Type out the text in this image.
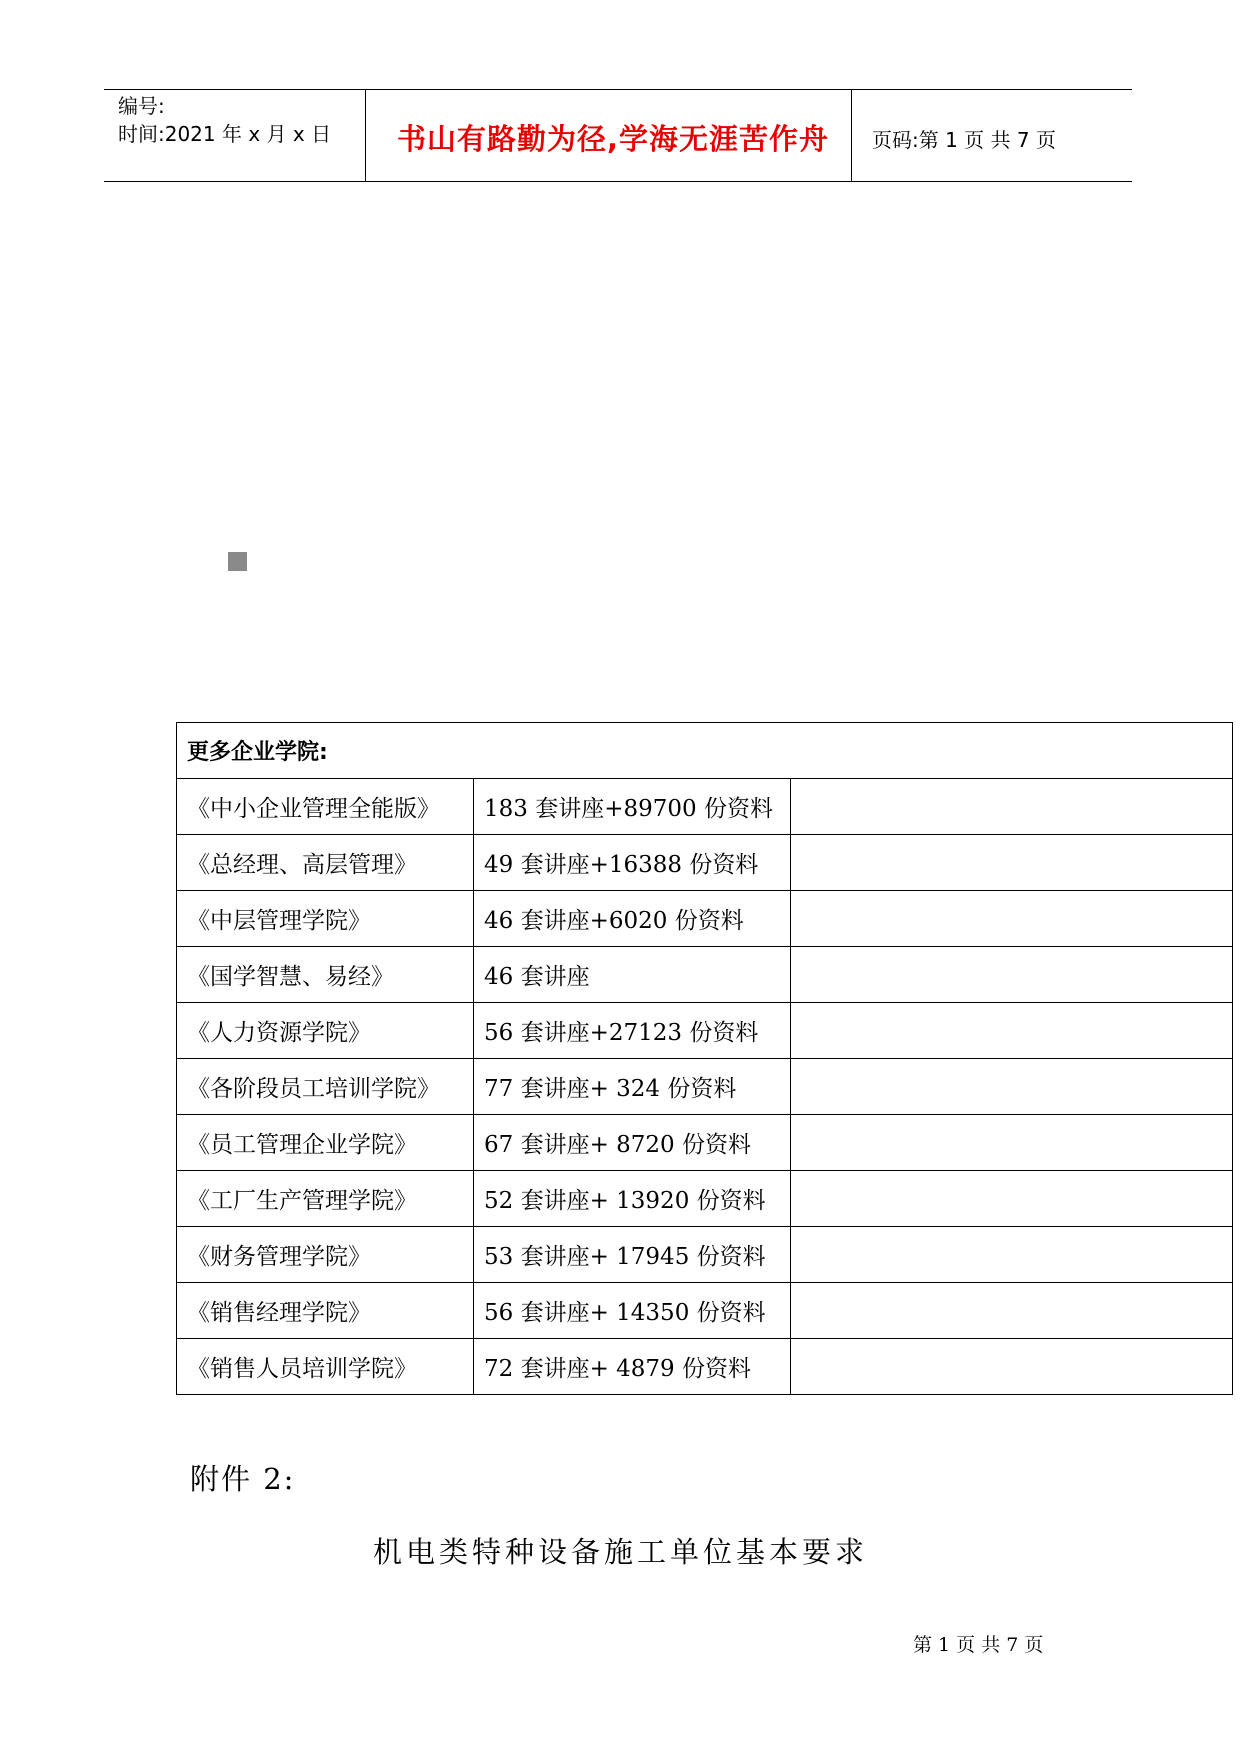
编号:
时间:2021 年 x 月 x 日	书山有路勤为径,学海无涯苦作舟	页码:第 1 页 共 7 页
更多企业学院:		
《中小企业管理全能版》	183 套讲座+89700 份资料	
《总经理、高层管理》	49 套讲座+16388 份资料	
《中层管理学院》	46 套讲座+6020 份资料	
《国学智慧、易经》	46 套讲座	
《人力资源学院》	56 套讲座+27123 份资料	
《各阶段员工培训学院》	77 套讲座+ 324 份资料	
《员工管理企业学院》	67 套讲座+ 8720 份资料	
《工厂生产管理学院》	52 套讲座+ 13920 份资料	
《财务管理学院》	53 套讲座+ 17945 份资料	
《销售经理学院》	56 套讲座+ 14350 份资料	
《销售人员培训学院》	72 套讲座+ 4879 份资料	
附件 2:
机电类特种设备施工单位基本要求
第 1 页 共 7 页
